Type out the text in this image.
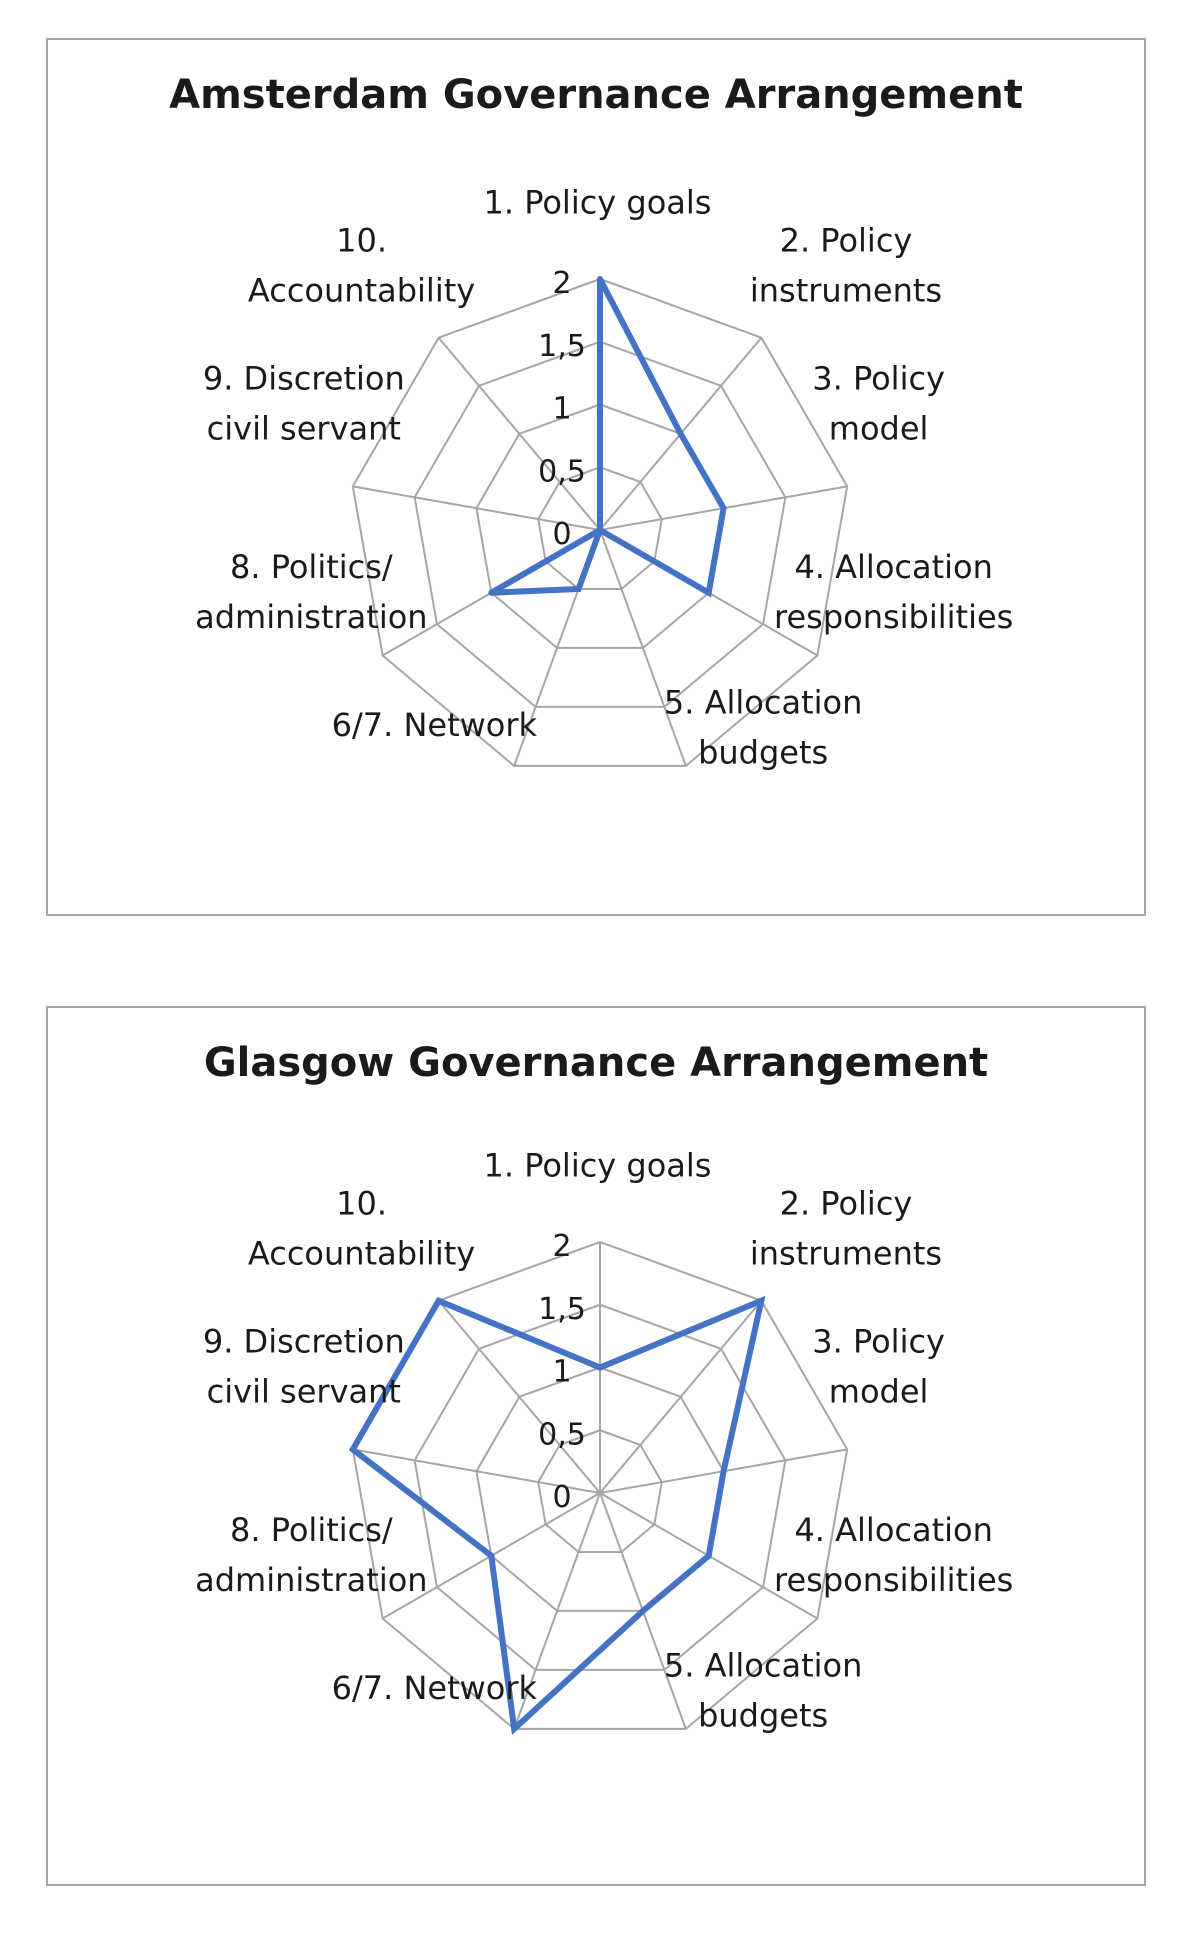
Amsterdam Governance Arrangement
0
0,5
1
1,5
2
1. Policy goals
2. Policy instruments
3. Policy model
4. Allocation responsibilities
5. Allocation budgets
6/7. Network
8. Politics/ administration
9. Discretion civil servant
10. Accountability
Glasgow Governance Arrangement
0
0,5
1
1,5
2
1. Policy goals
2. Policy instruments
3. Policy model
4. Allocation responsibilities
5. Allocation budgets
6/7. Network
8. Politics/ administration
9. Discretion civil servant
10. Accountability
